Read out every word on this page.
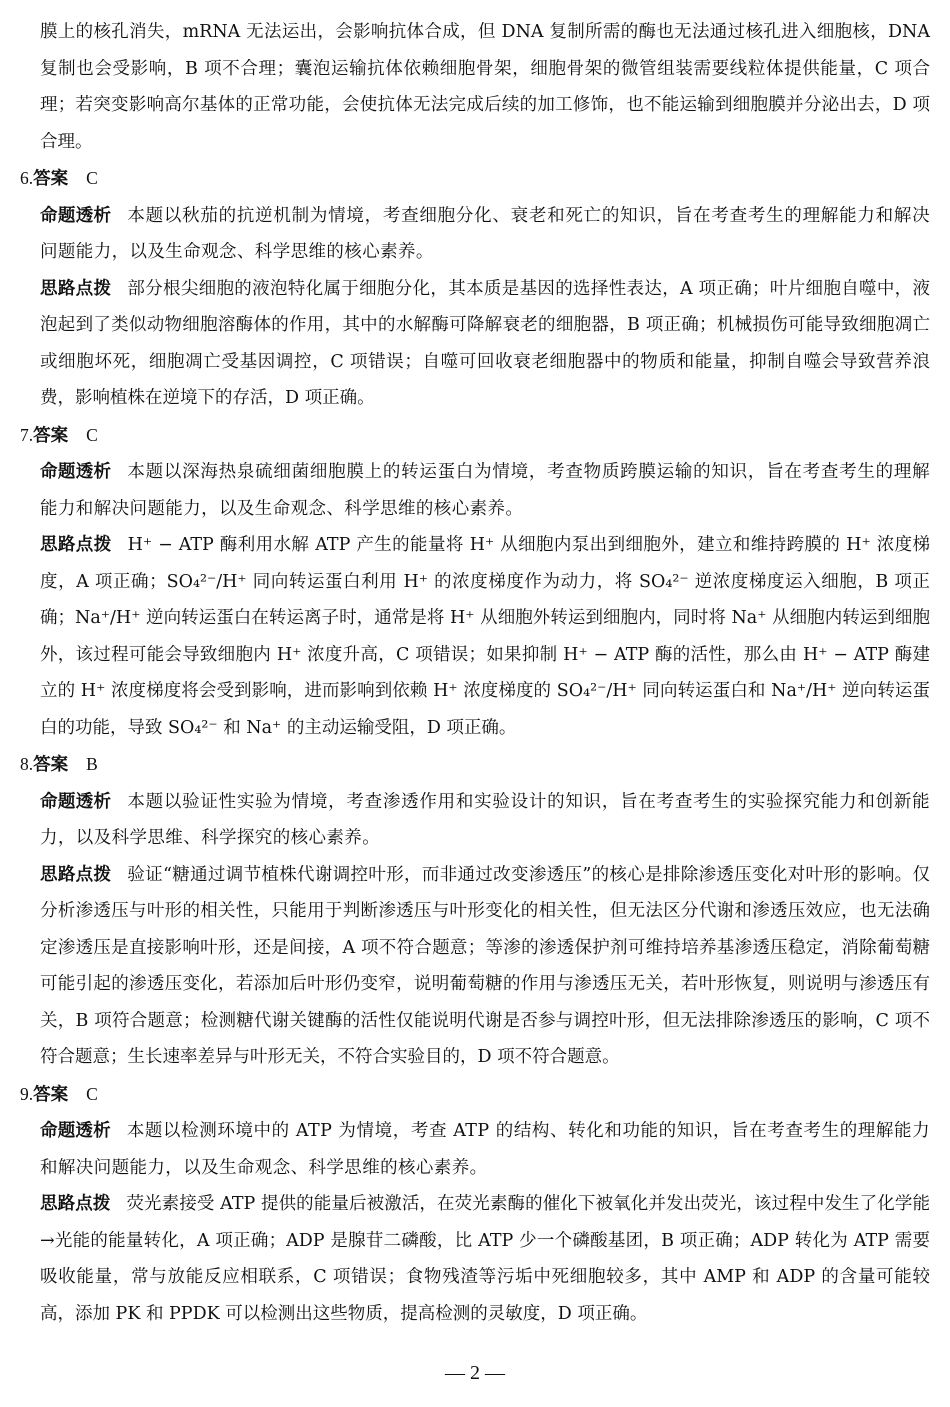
膜上的核孔消失，mRNA 无法运出，会影响抗体合成，但 DNA 复制所需的酶也无法通过核孔进入细胞核，DNA 复制也会受影响，B 项不合理；囊泡运输抗体依赖细胞骨架，细胞骨架的微管组装需要线粒体提供能量，C 项合理；若突变影响高尔基体的正常功能，会使抗体无法完成后续的加工修饰，也不能运输到细胞膜并分泌出去，D 项合理。

6.答案 C

命题透析 本题以秋茄的抗逆机制为情境，考查细胞分化、衰老和死亡的知识，旨在考查考生的理解能力和解决问题能力，以及生命观念、科学思维的核心素养。

思路点拨 部分根尖细胞的液泡特化属于细胞分化，其本质是基因的选择性表达，A 项正确；叶片细胞自噬中，液泡起到了类似动物细胞溶酶体的作用，其中的水解酶可降解衰老的细胞器，B 项正确；机械损伤可能导致细胞凋亡或细胞坏死，细胞凋亡受基因调控，C 项错误；自噬可回收衰老细胞器中的物质和能量，抑制自噬会导致营养浪费，影响植株在逆境下的存活，D 项正确。

7.答案 C

命题透析 本题以深海热泉硫细菌细胞膜上的转运蛋白为情境，考查物质跨膜运输的知识，旨在考查考生的理解能力和解决问题能力，以及生命观念、科学思维的核心素养。

思路点拨 H⁺ − ATP 酶利用水解 ATP 产生的能量将 H⁺ 从细胞内泵出到细胞外，建立和维持跨膜的 H⁺ 浓度梯度，A 项正确；SO₄²⁻/H⁺ 同向转运蛋白利用 H⁺ 的浓度梯度作为动力，将 SO₄²⁻ 逆浓度梯度运入细胞，B 项正确；Na⁺/H⁺ 逆向转运蛋白在转运离子时，通常是将 H⁺ 从细胞外转运到细胞内，同时将 Na⁺ 从细胞内转运到细胞外，该过程可能会导致细胞内 H⁺ 浓度升高，C 项错误；如果抑制 H⁺ − ATP 酶的活性，那么由 H⁺ − ATP 酶建立的 H⁺ 浓度梯度将会受到影响，进而影响到依赖 H⁺ 浓度梯度的 SO₄²⁻/H⁺ 同向转运蛋白和 Na⁺/H⁺ 逆向转运蛋白的功能，导致 SO₄²⁻ 和 Na⁺ 的主动运输受阻，D 项正确。

8.答案 B

命题透析 本题以验证性实验为情境，考查渗透作用和实验设计的知识，旨在考查考生的实验探究能力和创新能力，以及科学思维、科学探究的核心素养。

思路点拨 验证“糖通过调节植株代谢调控叶形，而非通过改变渗透压”的核心是排除渗透压变化对叶形的影响。仅分析渗透压与叶形的相关性，只能用于判断渗透压与叶形变化的相关性，但无法区分代谢和渗透压效应，也无法确定渗透压是直接影响叶形，还是间接，A 项不符合题意；等渗的渗透保护剂可维持培养基渗透压稳定，消除葡萄糖可能引起的渗透压变化，若添加后叶形仍变窄，说明葡萄糖的作用与渗透压无关，若叶形恢复，则说明与渗透压有关，B 项符合题意；检测糖代谢关键酶的活性仅能说明代谢是否参与调控叶形，但无法排除渗透压的影响，C 项不符合题意；生长速率差异与叶形无关，不符合实验目的，D 项不符合题意。

9.答案 C

命题透析 本题以检测环境中的 ATP 为情境，考查 ATP 的结构、转化和功能的知识，旨在考查考生的理解能力和解决问题能力，以及生命观念、科学思维的核心素养。

思路点拨 荧光素接受 ATP 提供的能量后被激活，在荧光素酶的催化下被氧化并发出荧光，该过程中发生了化学能→光能的能量转化，A 项正确；ADP 是腺苷二磷酸，比 ATP 少一个磷酸基团，B 项正确；ADP 转化为 ATP 需要吸收能量，常与放能反应相联系，C 项错误；食物残渣等污垢中死细胞较多，其中 AMP 和 ADP 的含量可能较高，添加 PK 和 PPDK 可以检测出这些物质，提高检测的灵敏度，D 项正确。

— 2 —
